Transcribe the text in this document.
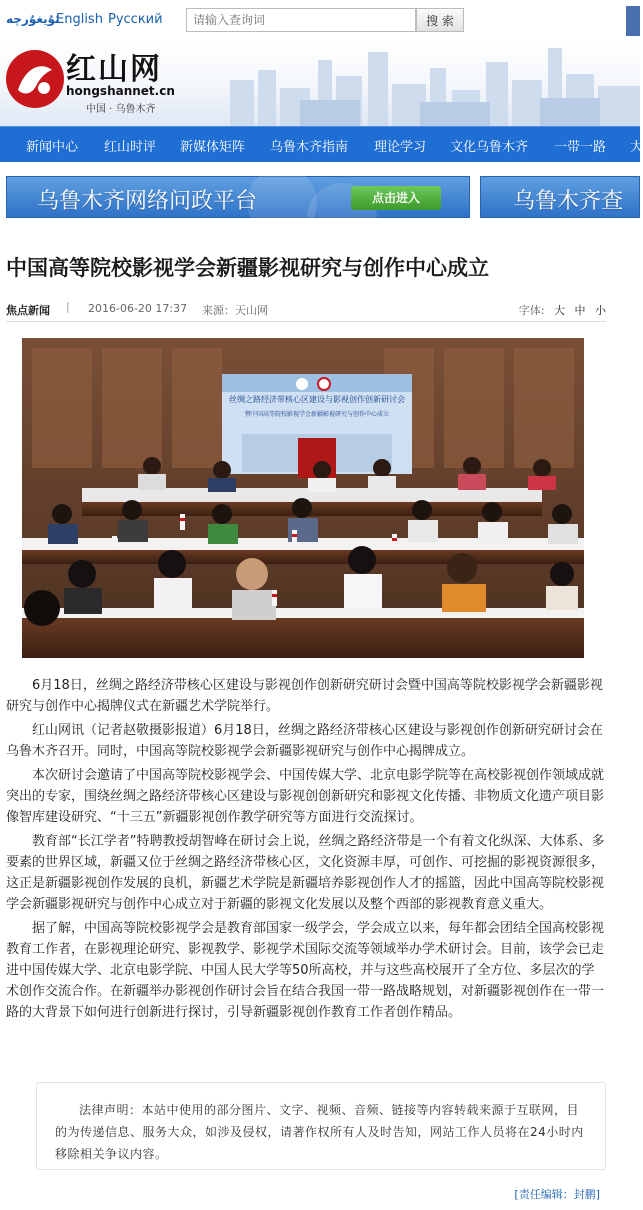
ئۇيغۇرچە
English Русский
请输入查询词	搜 索
红山网
hongshannet.cn
中国 · 乌鲁木齐
新闻中心 红山时评 新媒体矩阵 乌鲁木齐指南 理论学习 文化乌鲁木齐 一带一路 大
乌鲁木齐网络问政平台	点击进入	乌鲁木齐查
中国高等院校影视学会新疆影视研究与创作中心成立
焦点新闻 | 2016-06-20 17:37 来源：天山网	字体: 大 中 小
丝绸之路经济带核心区建设与影视创作创新研讨会
暨中国高等院校影视学会新疆影视研究与创作中心成立

6月18日，丝绸之路经济带核心区建设与影视创作创新研究研讨会暨中国高等院校影视学会新疆影视研究与创作中心揭牌仪式在新疆艺术学院举行。

红山网讯（记者赵敬摄影报道）6月18日，丝绸之路经济带核心区建设与影视创作创新研究研讨会在乌鲁木齐召开。同时，中国高等院校影视学会新疆影视研究与创作中心揭牌成立。

本次研讨会邀请了中国高等院校影视学会、中国传媒大学、北京电影学院等在高校影视创作领域成就突出的专家，围绕丝绸之路经济带核心区建设与影视创创新研究和影视文化传播、非物质文化遗产项目影像智库建设研究、“十三五”新疆影视创作教学研究等方面进行交流探讨。

教育部“长江学者”特聘教授胡智峰在研讨会上说，丝绸之路经济带是一个有着文化纵深、大体系、多要素的世界区域，新疆又位于丝绸之路经济带核心区，文化资源丰厚，可创作、可挖掘的影视资源很多，这正是新疆影视创作发展的良机，新疆艺术学院是新疆培养影视创作人才的摇篮，因此中国高等院校影视学会新疆影视研究与创作中心成立对于新疆的影视文化发展以及整个西部的影视教育意义重大。

据了解，中国高等院校影视学会是教育部国家一级学会，学会成立以来，每年都会团结全国高校影视教育工作者，在影视理论研究、影视教学、影视学术国际交流等领域举办学术研讨会。目前，该学会已走进中国传媒大学、北京电影学院、中国人民大学等50所高校，并与这些高校展开了全方位、多层次的学术创作交流合作。在新疆举办影视创作研讨会旨在结合我国一带一路战略规划，对新疆影视创作在一带一路的大背景下如何进行创新进行探讨，引导新疆影视创作教育工作者创作精品。

法律声明：本站中使用的部分图片、文字、视频、音频、链接等内容转载来源于互联网，目的为传递信息、服务大众，如涉及侵权，请著作权所有人及时告知，网站工作人员将在24小时内移除相关争议内容。

[责任编辑：封鹏]
